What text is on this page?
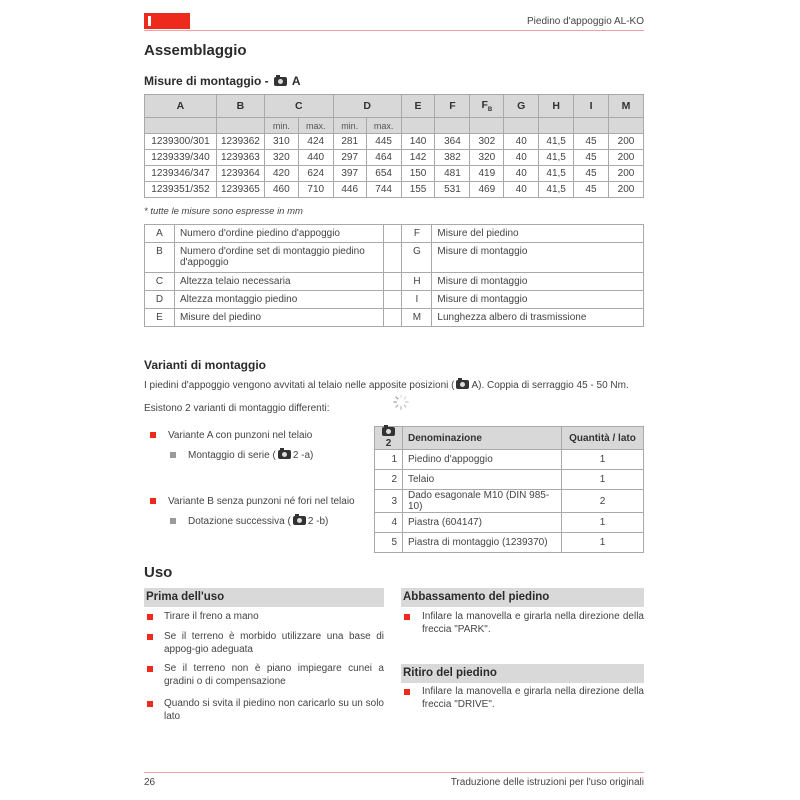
Piedino d'appoggio AL-KO
Assemblaggio
Misure di montaggio - A
A	B	C		D		E	F	$F_B$	G	H	I	M
		min.	max.	min.	max.							
1239300/301	1239362	310	424	281	445	140	364	302	40	41,5	45	200
1239339/340	1239363	320	440	297	464	142	382	320	40	41,5	45	200
1239346/347	1239364	420	624	397	654	150	481	419	40	41,5	45	200
1239351/352	1239365	460	710	446	744	155	531	469	40	41,5	45	200
* tutte le misure sono espresse in mm
A	Numero d'ordine piedino d'appoggio		F	Misure del piedino
B	Numero d'ordine set di montaggio piedino d'appoggio		G	Misure di montaggio
C	Altezza telaio necessaria		H	Misure di montaggio
D	Altezza montaggio piedino		I	Misure di montaggio
E	Misure del piedino		M	Lunghezza albero di trasmissione
Varianti di montaggio
I piedini d'appoggio vengono avvitati al telaio nelle apposite posizioni ( A). Coppia di serraggio 45 - 50 Nm.
Esistono 2 varianti di montaggio differenti:
Variante A con punzoni nel telaio
Montaggio di serie ( 2 -a)
Variante B senza punzoni né fori nel telaio
Dotazione successiva ( 2 -b)
2	Denominazione	Quantità / lato
1	Piedino d'appoggio	1
2	Telaio	1
3	Dado esagonale M10 (DIN 985-10)	2
4	Piastra (604147)	1
5	Piastra di montaggio (1239370)	1
Uso
Prima dell'uso
Tirare il freno a mano
Se il terreno è morbido utilizzare una base di appog-gio adeguata
Se il terreno non è piano impiegare cunei a gradini o di compensazione
Quando si svita il piedino non caricarlo su un solo lato
Abbassamento del piedino
Infilare la manovella e girarla nella direzione della freccia "PARK".
Ritiro del piedino
Infilare la manovella e girarla nella direzione della freccia "DRIVE".
26	Traduzione delle istruzioni per l'uso originali
